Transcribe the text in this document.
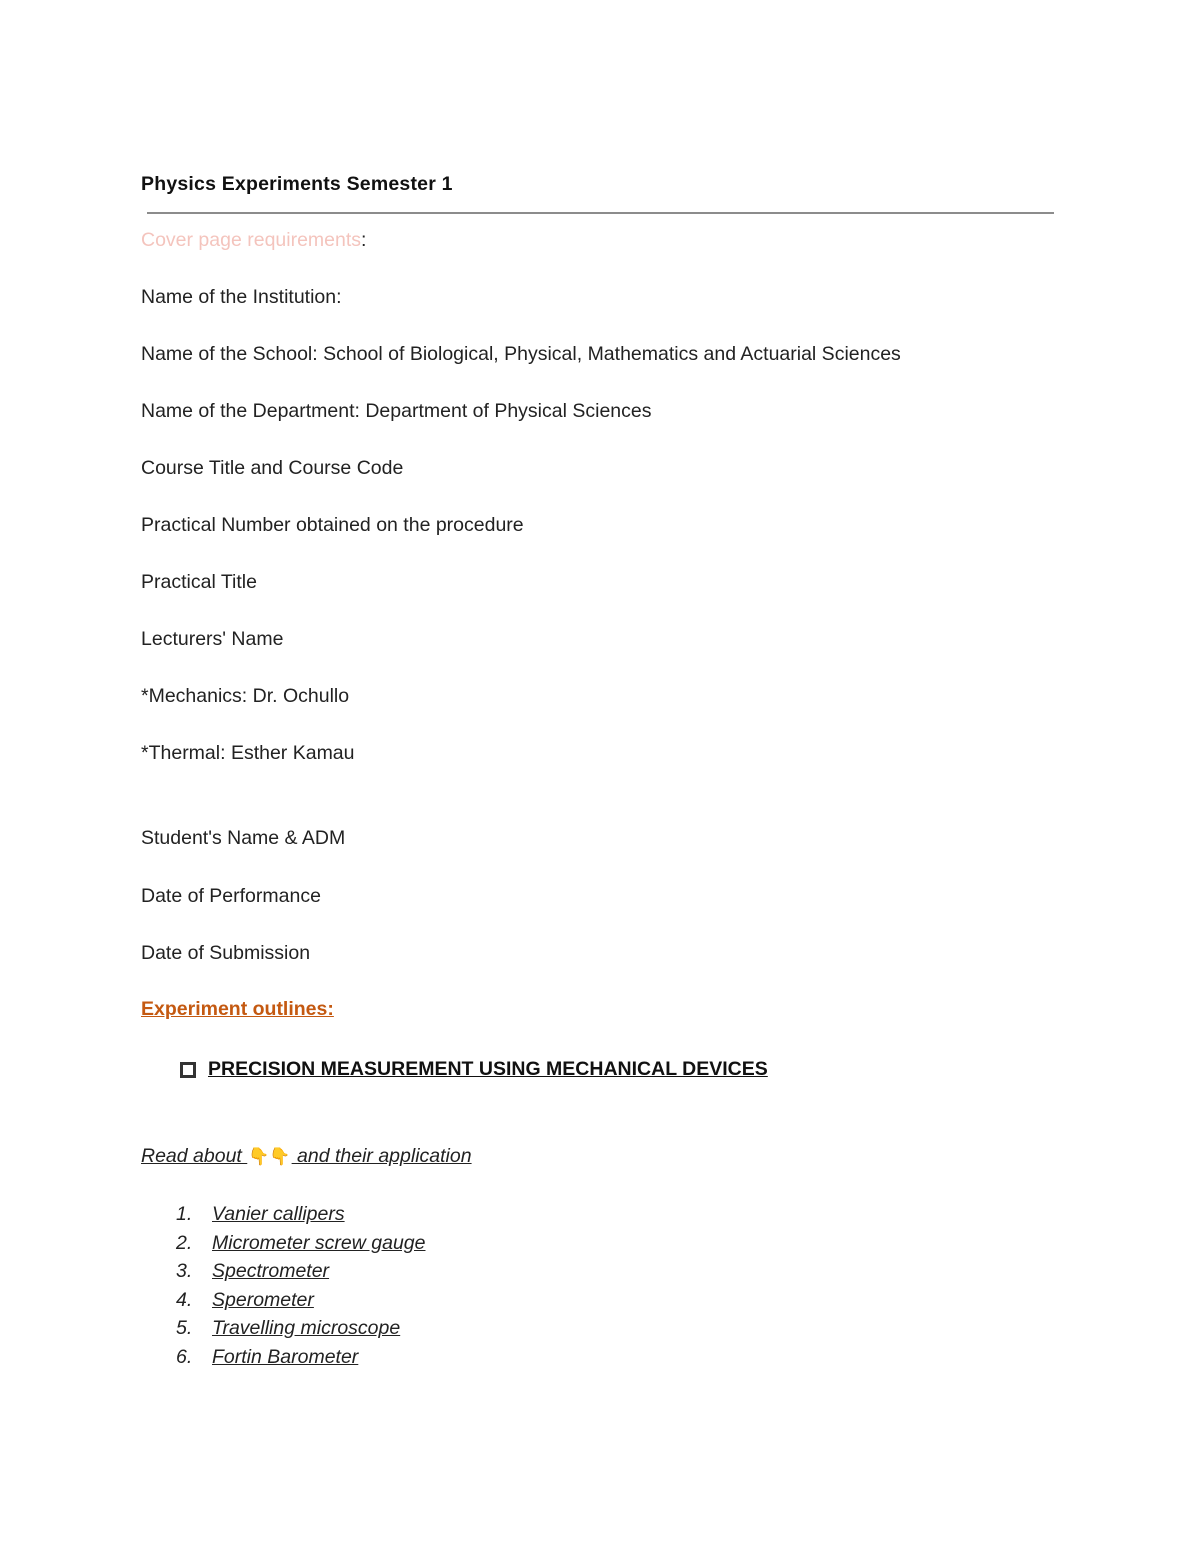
Physics Experiments Semester 1
Cover page requirements:
Name of the Institution:
Name of the School: School of Biological, Physical, Mathematics and Actuarial Sciences
Name of the Department: Department of Physical Sciences
Course Title and Course Code
Practical Number obtained on the procedure
Practical Title
Lecturers' Name
*Mechanics: Dr. Ochullo
*Thermal: Esther Kamau
Student's Name & ADM
Date of Performance
Date of Submission
Experiment outlines:
PRECISION MEASUREMENT USING MECHANICAL DEVICES
Read about 👇👇 and their application
1. Vanier callipers
2. Micrometer screw gauge
3. Spectrometer
4. Sperometer
5. Travelling microscope
6. Fortin Barometer
